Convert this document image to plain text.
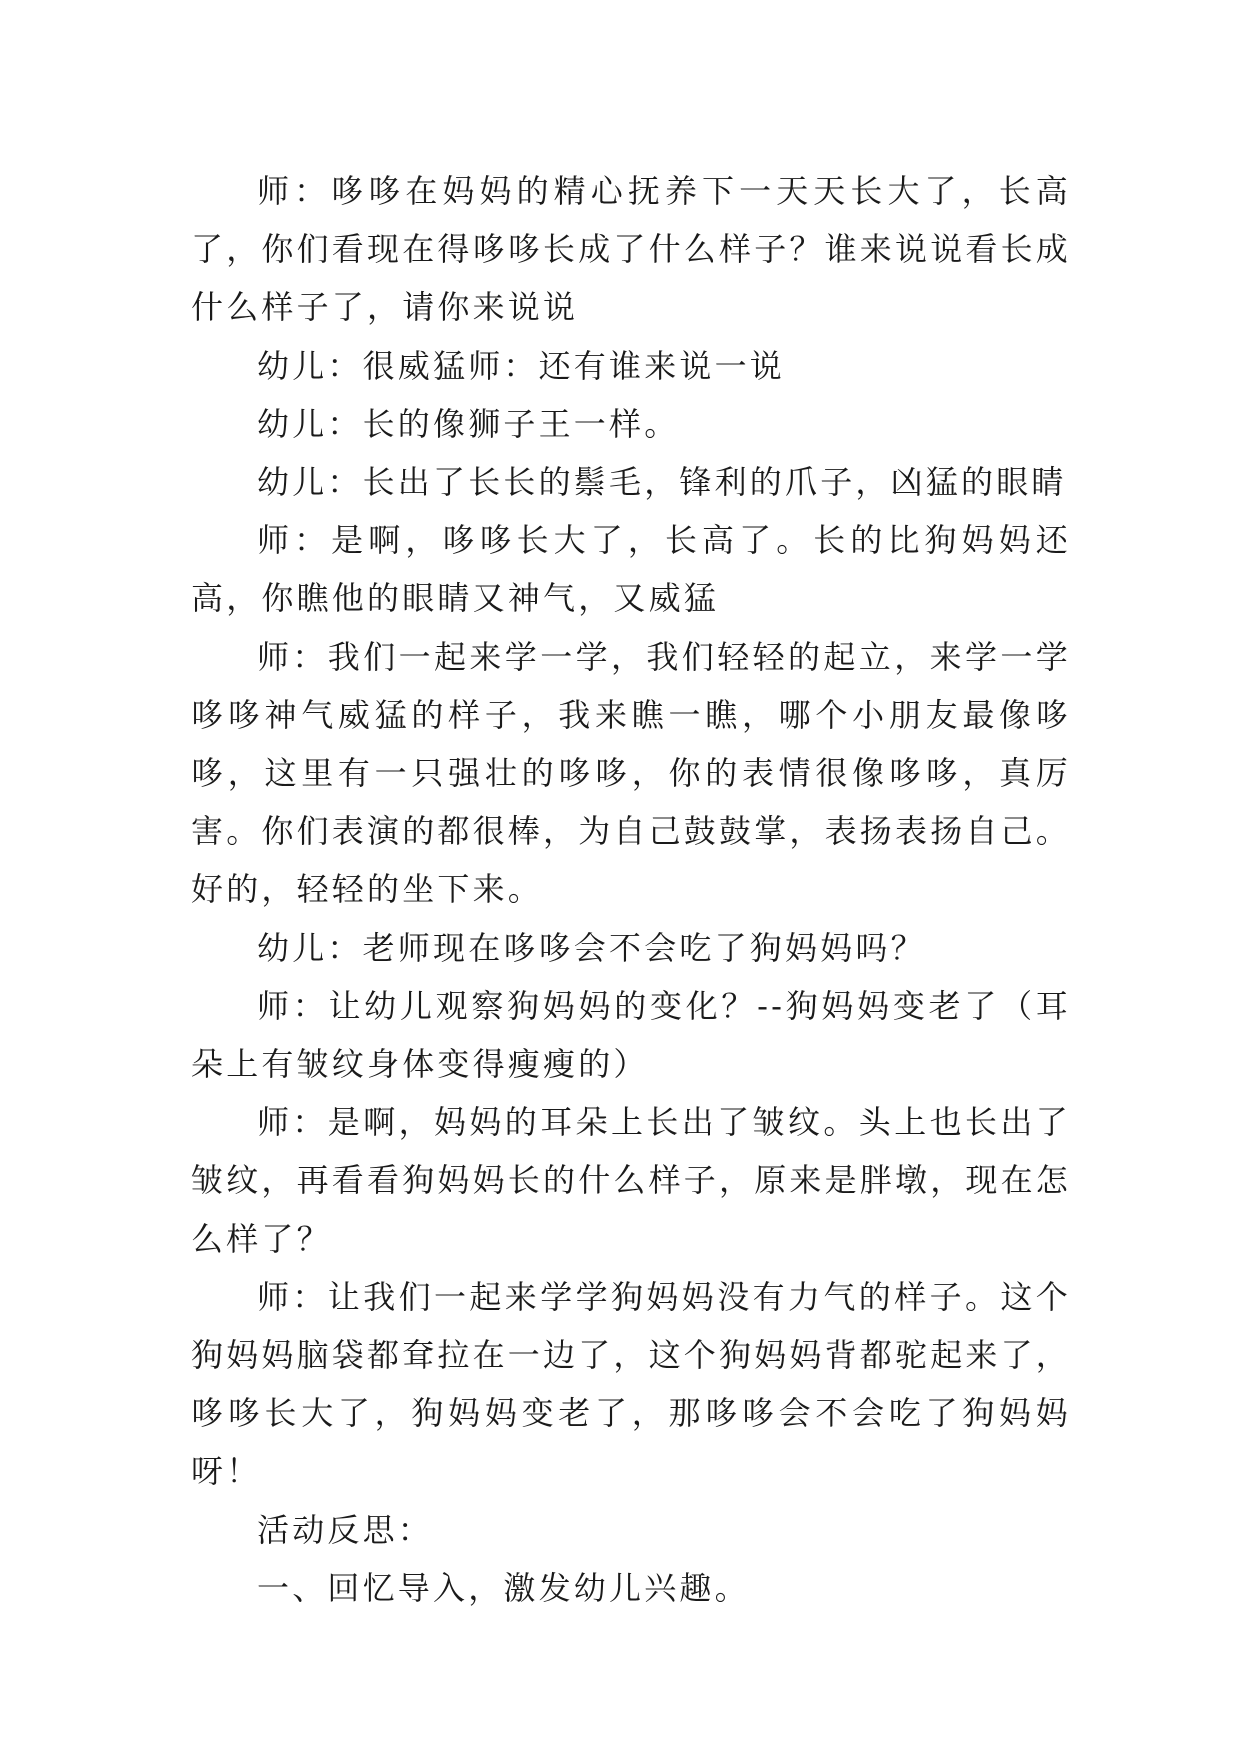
师：哆哆在妈妈的精心抚养下一天天长大了，长高了，你们看现在得哆哆长成了什么样子？谁来说说看长成什么样子了，请你来说说

幼儿：很威猛师：还有谁来说一说

幼儿：长的像狮子王一样。

幼儿：长出了长长的鬃毛，锋利的爪子，凶猛的眼睛

师：是啊，哆哆长大了，长高了。长的比狗妈妈还高，你瞧他的眼睛又神气，又威猛

师：我们一起来学一学，我们轻轻的起立，来学一学哆哆神气威猛的样子，我来瞧一瞧，哪个小朋友最像哆哆，这里有一只强壮的哆哆，你的表情很像哆哆，真厉害。你们表演的都很棒，为自己鼓鼓掌，表扬表扬自己。好的，轻轻的坐下来。

幼儿：老师现在哆哆会不会吃了狗妈妈吗？

师：让幼儿观察狗妈妈的变化？--狗妈妈变老了（耳朵上有皱纹身体变得瘦瘦的）

师：是啊，妈妈的耳朵上长出了皱纹。头上也长出了皱纹，再看看狗妈妈长的什么样子，原来是胖墩，现在怎么样了？

师：让我们一起来学学狗妈妈没有力气的样子。这个狗妈妈脑袋都耷拉在一边了，这个狗妈妈背都驼起来了，哆哆长大了，狗妈妈变老了，那哆哆会不会吃了狗妈妈呀！

活动反思：

一、回忆导入，激发幼儿兴趣。
